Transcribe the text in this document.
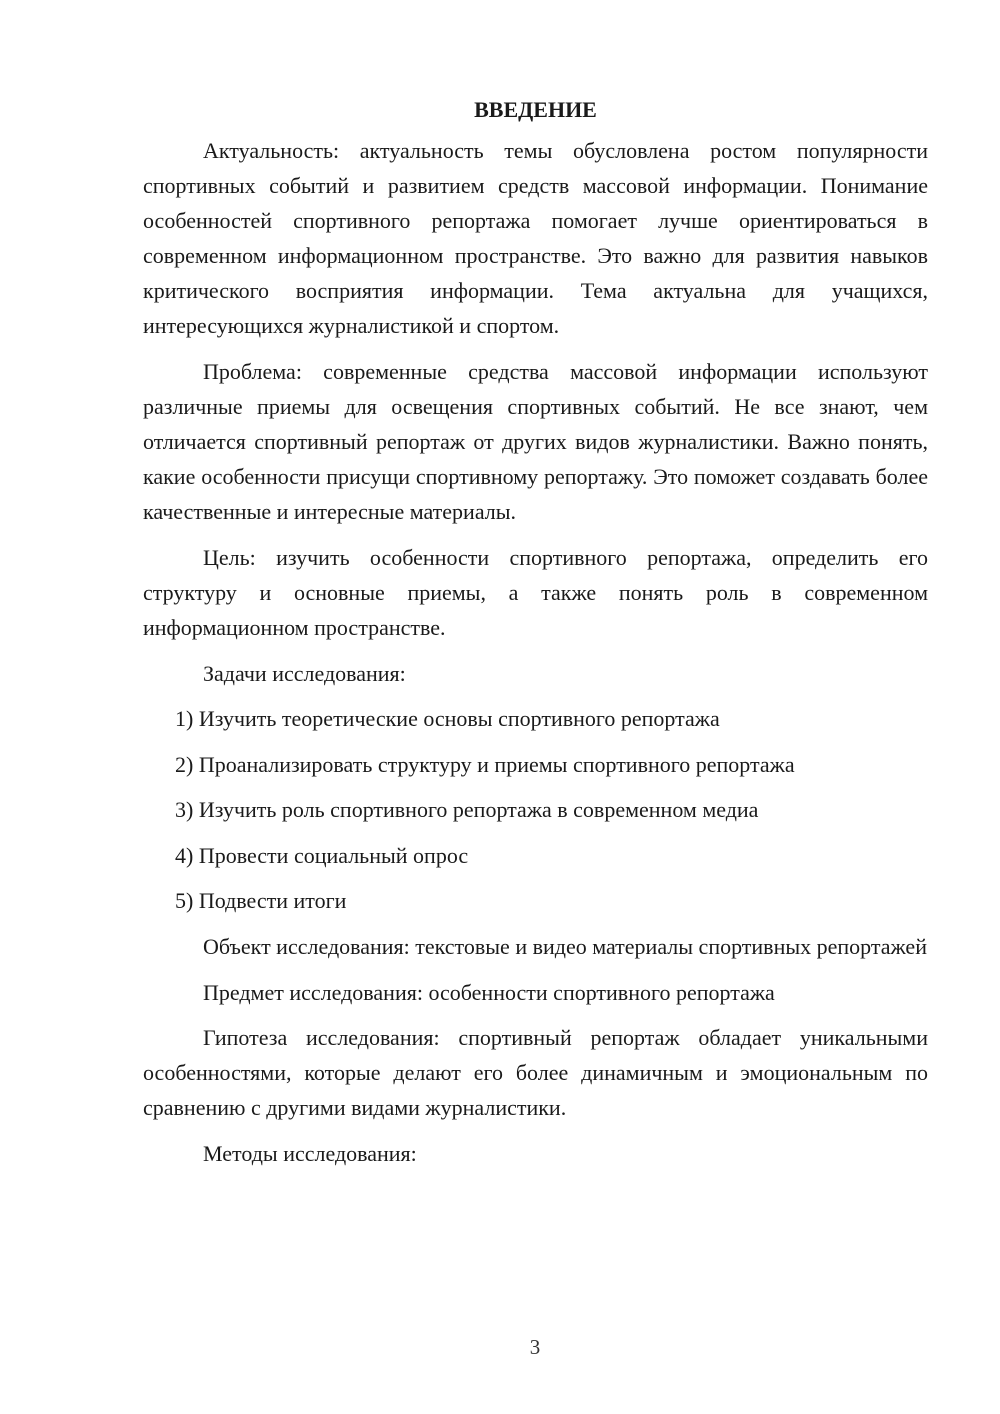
ВВЕДЕНИЕ

Актуальность: актуальность темы обусловлена ростом популярности спортивных событий и развитием средств массовой информации. Понимание особенностей спортивного репортажа помогает лучше ориентироваться в современном информационном пространстве. Это важно для развития навыков критического восприятия информации. Тема актуальна для учащихся, интересующихся журналистикой и спортом.

Проблема: современные средства массовой информации используют различные приемы для освещения спортивных событий. Не все знают, чем отличается спортивный репортаж от других видов журналистики. Важно понять, какие особенности присущи спортивному репортажу. Это поможет создавать более качественные и интересные материалы.

Цель: изучить особенности спортивного репортажа, определить его структуру и основные приемы, а также понять роль в современном информационном пространстве.

Задачи исследования:

1) Изучить теоретические основы спортивного репортажа
2) Проанализировать структуру и приемы спортивного репортажа
3) Изучить роль спортивного репортажа в современном медиа
4) Провести социальный опрос
5) Подвести итоги

Объект исследования: текстовые и видео материалы спортивных репортажей

Предмет исследования: особенности спортивного репортажа

Гипотеза исследования: спортивный репортаж обладает уникальными особенностями, которые делают его более динамичным и эмоциональным по сравнению с другими видами журналистики.

Методы исследования:

3
